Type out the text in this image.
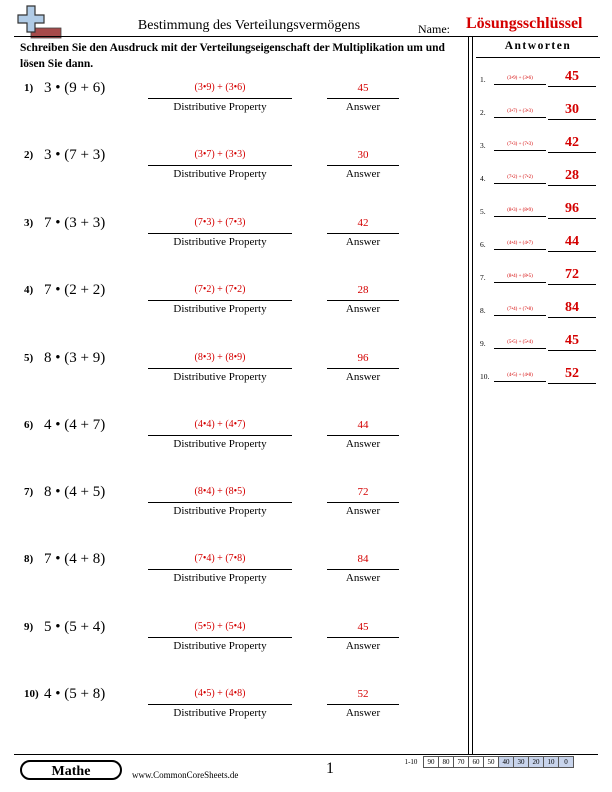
Bestimmung des Verteilungsvermögens	Name: Lösungsschlüssel
Schreiben Sie den Ausdruck mit der Verteilungseigenschaft der Multiplikation um und lösen Sie dann.
1) 3 • (9 + 6)	(3•9) + (3•6)
Distributive Property
45
Answer
2) 3 • (7 + 3)	(3•7) + (3•3)
Distributive Property
30
Answer
3) 7 • (3 + 3)	(7•3) + (7•3)
Distributive Property
42
Answer
4) 7 • (2 + 2)	(7•2) + (7•2)
Distributive Property
28
Answer
5) 8 • (3 + 9)	(8•3) + (8•9)
Distributive Property
96
Answer
6) 4 • (4 + 7)	(4•4) + (4•7)
Distributive Property
44
Answer
7) 8 • (4 + 5)	(8•4) + (8•5)
Distributive Property
72
Answer
8) 7 • (4 + 8)	(7•4) + (7•8)
Distributive Property
84
Answer
9) 5 • (5 + 4)	(5•5) + (5•4)
Distributive Property
45
Answer
10) 4 • (5 + 8)	(4•5) + (4•8)
Distributive Property
52
Answer
Antworten
1.	(3•9) + (3•6)	45
2.	(3•7) + (3•3)	30
3.	(7•3) + (7•3)	42
4.	(7•2) + (7•2)	28
5.	(8•3) + (8•9)	96
6.	(4•4) + (4•7)	44
7.	(8•4) + (8•5)	72
8.	(7•4) + (7•8)	84
9.	(5•5) + (5•4)	45
10.	(4•5) + (4•8)	52
Mathe	www.CommonCoreSheets.de	1	1-10	90	80	70	60	50	40	30	20	10	0
